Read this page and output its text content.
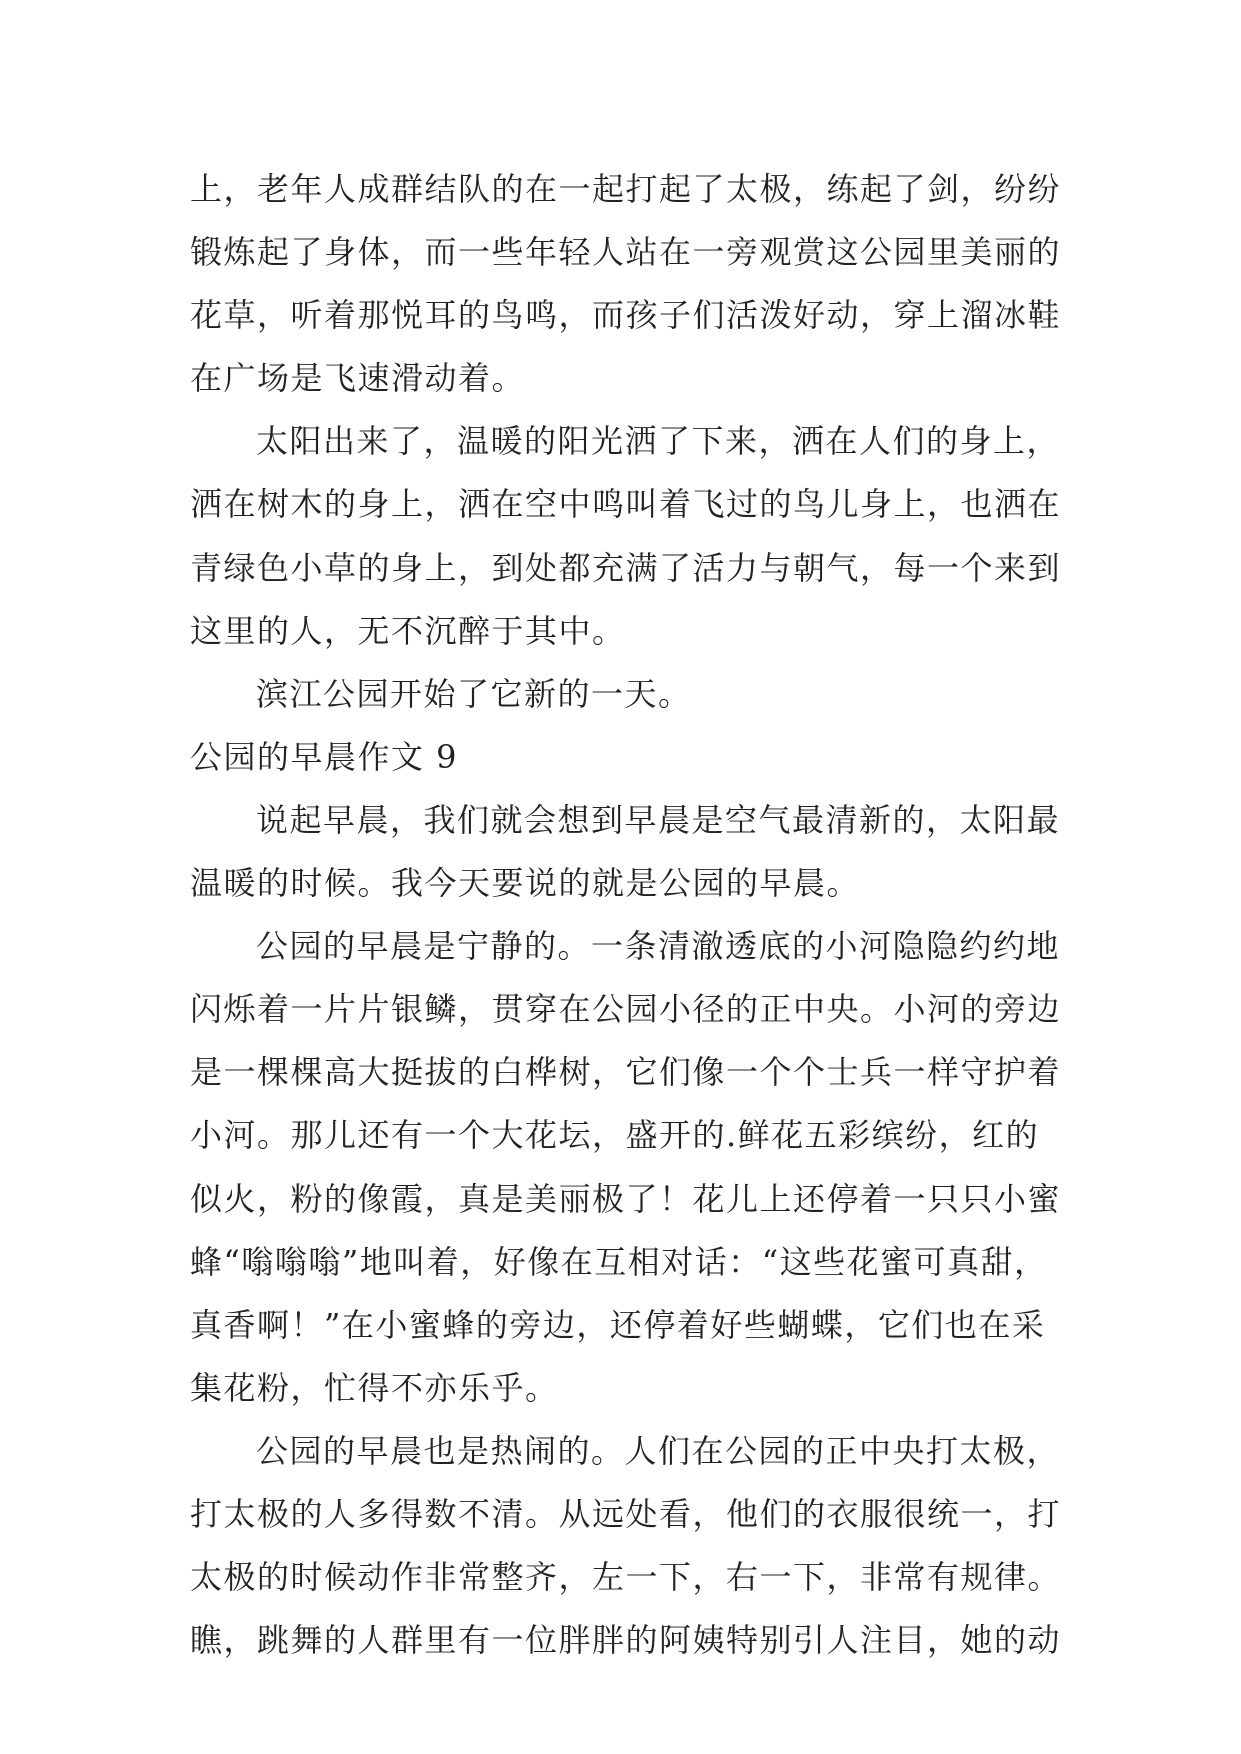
上，老年人成群结队的在一起打起了太极，练起了剑，纷纷
锻炼起了身体，而一些年轻人站在一旁观赏这公园里美丽的
花草，听着那悦耳的鸟鸣，而孩子们活泼好动，穿上溜冰鞋
在广场是飞速滑动着。
太阳出来了，温暖的阳光洒了下来，洒在人们的身上，
洒在树木的身上，洒在空中鸣叫着飞过的鸟儿身上，也洒在
青绿色小草的身上，到处都充满了活力与朝气，每一个来到
这里的人，无不沉醉于其中。
滨江公园开始了它新的一天。
公园的早晨作文 9
说起早晨，我们就会想到早晨是空气最清新的，太阳最
温暖的时候。我今天要说的就是公园的早晨。
公园的早晨是宁静的。一条清澈透底的小河隐隐约约地
闪烁着一片片银鳞，贯穿在公园小径的正中央。小河的旁边
是一棵棵高大挺拔的白桦树，它们像一个个士兵一样守护着
小河。那儿还有一个大花坛，盛开的.鲜花五彩缤纷，红的
似火，粉的像霞，真是美丽极了！花儿上还停着一只只小蜜
蜂“嗡嗡嗡”地叫着，好像在互相对话：“这些花蜜可真甜，
真香啊！”在小蜜蜂的旁边，还停着好些蝴蝶，它们也在采
集花粉，忙得不亦乐乎。
公园的早晨也是热闹的。人们在公园的正中央打太极，
打太极的人多得数不清。从远处看，他们的衣服很统一，打
太极的时候动作非常整齐，左一下，右一下，非常有规律。
瞧，跳舞的人群里有一位胖胖的阿姨特别引人注目，她的动
